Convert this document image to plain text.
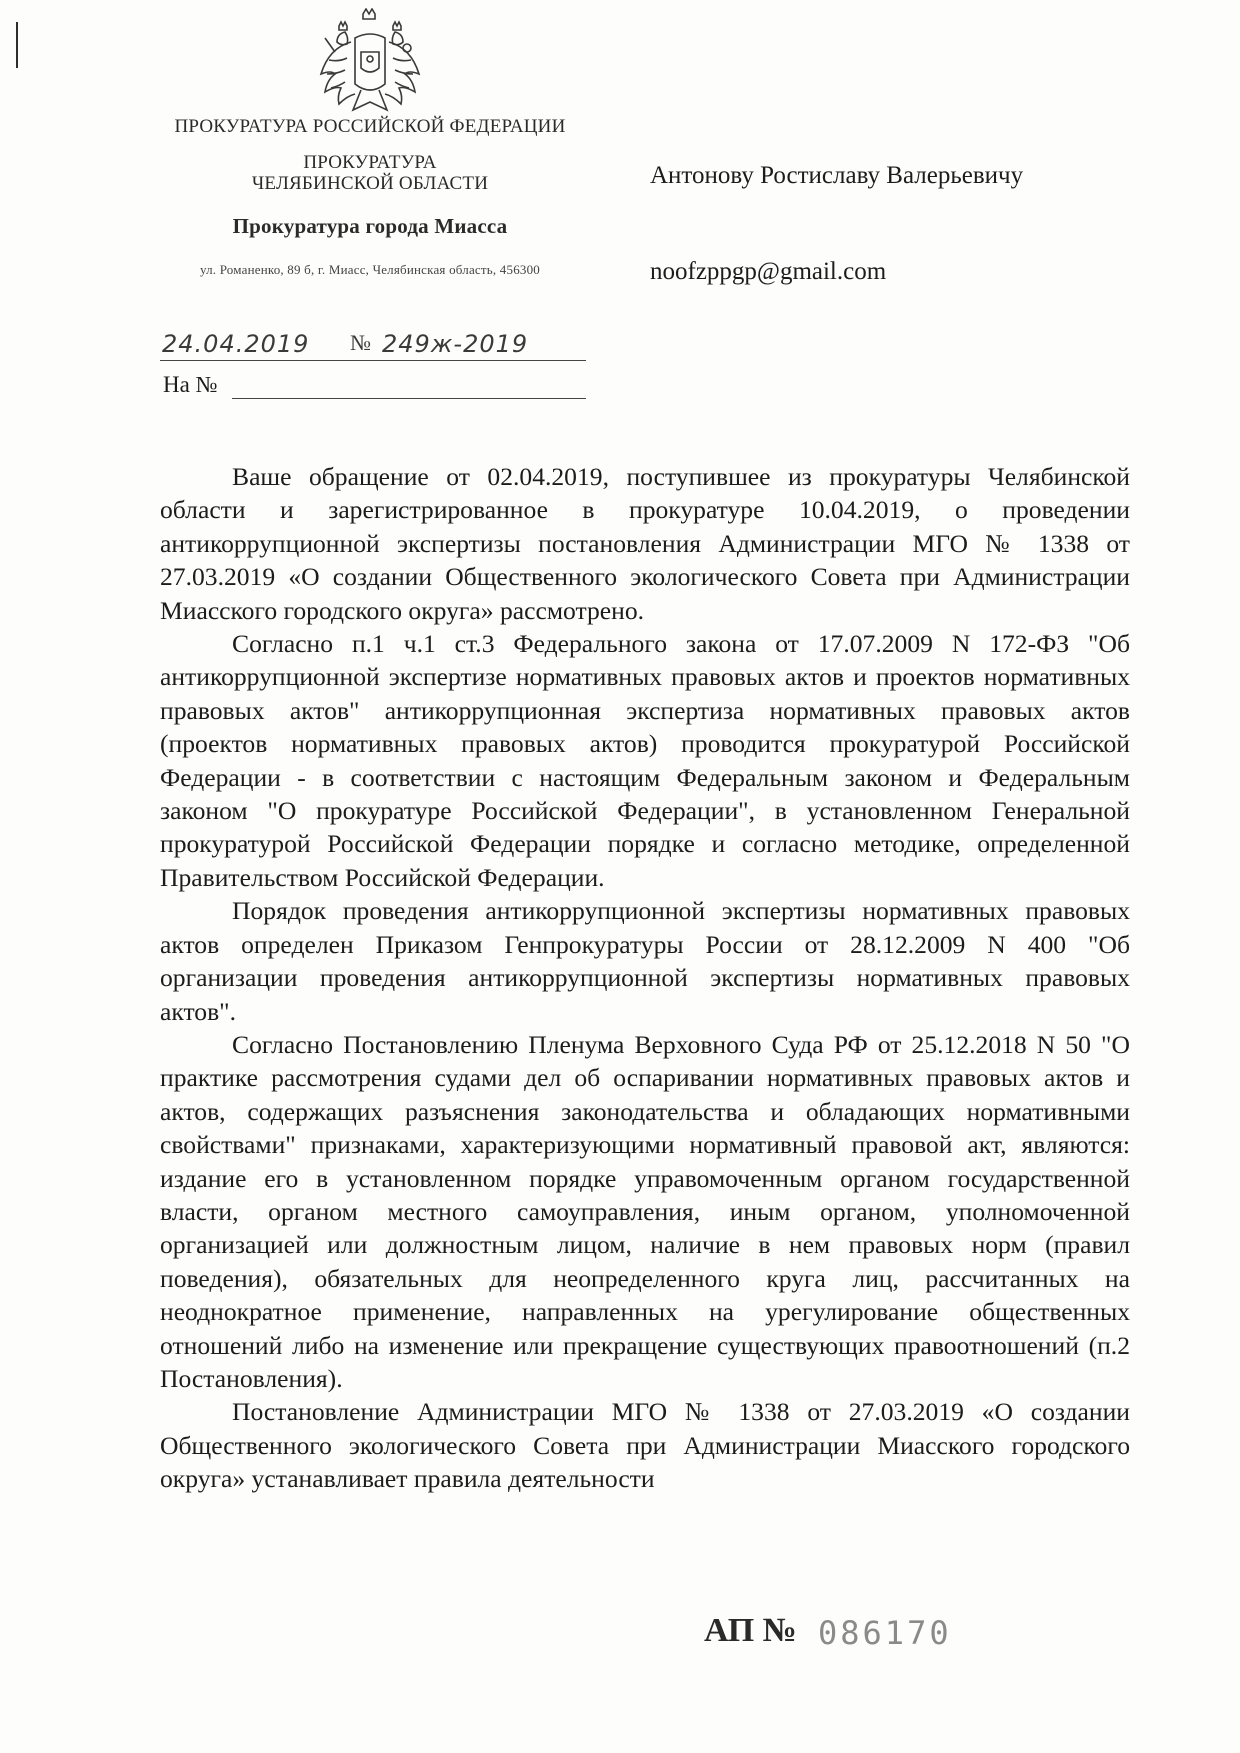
ПРОКУРАТУРА РОССИЙСКОЙ ФЕДЕРАЦИИ
ПРОКУРАТУРА
ЧЕЛЯБИНСКОЙ ОБЛАСТИ
Прокуратура города Миасса
ул. Романенко, 89 б, г. Миасс, Челябинская область, 456300
24.04.2019 № 249ж-2019
На №
Антонову Ростиславу Валерьевичу
noofzppgp@gmail.com

Ваше обращение от 02.04.2019, поступившее из прокуратуры Челябинской области и зарегистрированное в прокуратуре 10.04.2019, о проведении антикоррупционной экспертизы постановления Администрации МГО № 1338 от 27.03.2019 «О создании Общественного экологического Совета при Администрации Миасского городского округа» рассмотрено.

Согласно п.1 ч.1 ст.3 Федерального закона от 17.07.2009 N 172-ФЗ "Об антикоррупционной экспертизе нормативных правовых актов и проектов нормативных правовых актов" антикоррупционная экспертиза нормативных правовых актов (проектов нормативных правовых актов) проводится прокуратурой Российской Федерации - в соответствии с настоящим Федеральным законом и Федеральным законом "О прокуратуре Российской Федерации", в установленном Генеральной прокуратурой Российской Федерации порядке и согласно методике, определенной Правительством Российской Федерации.

Порядок проведения антикоррупционной экспертизы нормативных правовых актов определен Приказом Генпрокуратуры России от 28.12.2009 N 400 "Об организации проведения антикоррупционной экспертизы нормативных правовых актов".

Согласно Постановлению Пленума Верховного Суда РФ от 25.12.2018 N 50 "О практике рассмотрения судами дел об оспаривании нормативных правовых актов и актов, содержащих разъяснения законодательства и обладающих нормативными свойствами" признаками, характеризующими нормативный правовой акт, являются: издание его в установленном порядке управомоченным органом государственной власти, органом местного самоуправления, иным органом, уполномоченной организацией или должностным лицом, наличие в нем правовых норм (правил поведения), обязательных для неопределенного круга лиц, рассчитанных на неоднократное применение, направленных на урегулирование общественных отношений либо на изменение или прекращение существующих правоотношений (п.2 Постановления).

Постановление Администрации МГО № 1338 от 27.03.2019 «О создании Общественного экологического Совета при Администрации Миасского городского округа» устанавливает правила деятельности

АП № 086170
